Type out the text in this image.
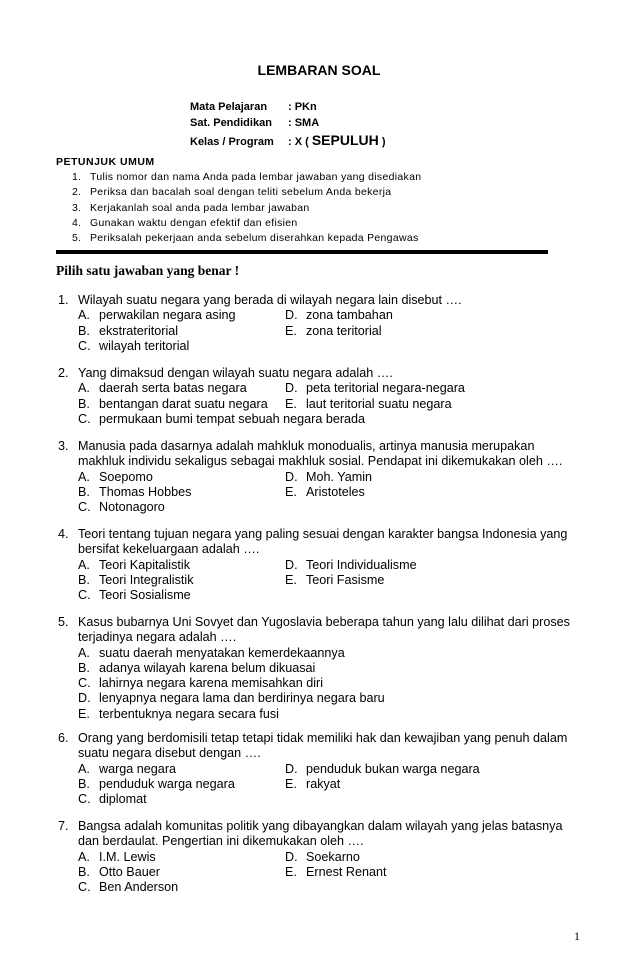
LEMBARAN SOAL
Mata Pelajaran : PKn
Sat. Pendidikan : SMA
Kelas / Program : X ( SEPULUH )
PETUNJUK UMUM
1. Tulis nomor dan nama Anda pada lembar jawaban yang disediakan
2. Periksa dan bacalah soal dengan teliti sebelum Anda bekerja
3. Kerjakanlah soal anda pada lembar jawaban
4. Gunakan waktu dengan efektif dan efisien
5. Periksalah pekerjaan anda sebelum diserahkan kepada Pengawas
Pilih satu jawaban yang benar !
1. Wilayah suatu negara yang berada di wilayah negara lain disebut ….
A. perwakilan negara asing	D. zona tambahan
B. ekstrateritorial	E. zona teritorial
C. wilayah teritorial
2. Yang dimaksud dengan wilayah suatu negara adalah ….
A. daerah serta batas negara	D. peta teritorial negara-negara
B. bentangan darat suatu negara E. laut teritorial suatu negara
C. permukaan bumi tempat sebuah negara berada
3. Manusia pada dasarnya adalah mahkluk monodualis, artinya manusia merupakan
makhluk individu sekaligus sebagai makhluk sosial. Pendapat ini dikemukakan oleh ….
A. Soepomo	D. Moh. Yamin
B. Thomas Hobbes	E. Aristoteles
C. Notonagoro
4. Teori tentang tujuan negara yang paling sesuai dengan karakter bangsa Indonesia yang
bersifat kekeluargaan adalah ….
A. Teori Kapitalistik	D. Teori Individualisme
B. Teori Integralistik	E. Teori Fasisme
C. Teori Sosialisme
5. Kasus bubarnya Uni Sovyet dan Yugoslavia beberapa tahun yang lalu dilihat dari proses
terjadinya negara adalah ….
A. suatu daerah menyatakan kemerdekaannya
B. adanya wilayah karena belum dikuasai
C. lahirnya negara karena memisahkan diri
D. lenyapnya negara lama dan berdirinya negara baru
E. terbentuknya negara secara fusi
6. Orang yang berdomisili tetap tetapi tidak memiliki hak dan kewajiban yang penuh dalam
suatu negara disebut dengan ….
A. warga negara	D. penduduk bukan warga negara
B. penduduk warga negara	E. rakyat
C. diplomat
7. Bangsa adalah komunitas politik yang dibayangkan dalam wilayah yang jelas batasnya
dan berdaulat. Pengertian ini dikemukakan oleh ….
A. I.M. Lewis	D. Soekarno
B. Otto Bauer	E. Ernest Renant
C. Ben Anderson
1
